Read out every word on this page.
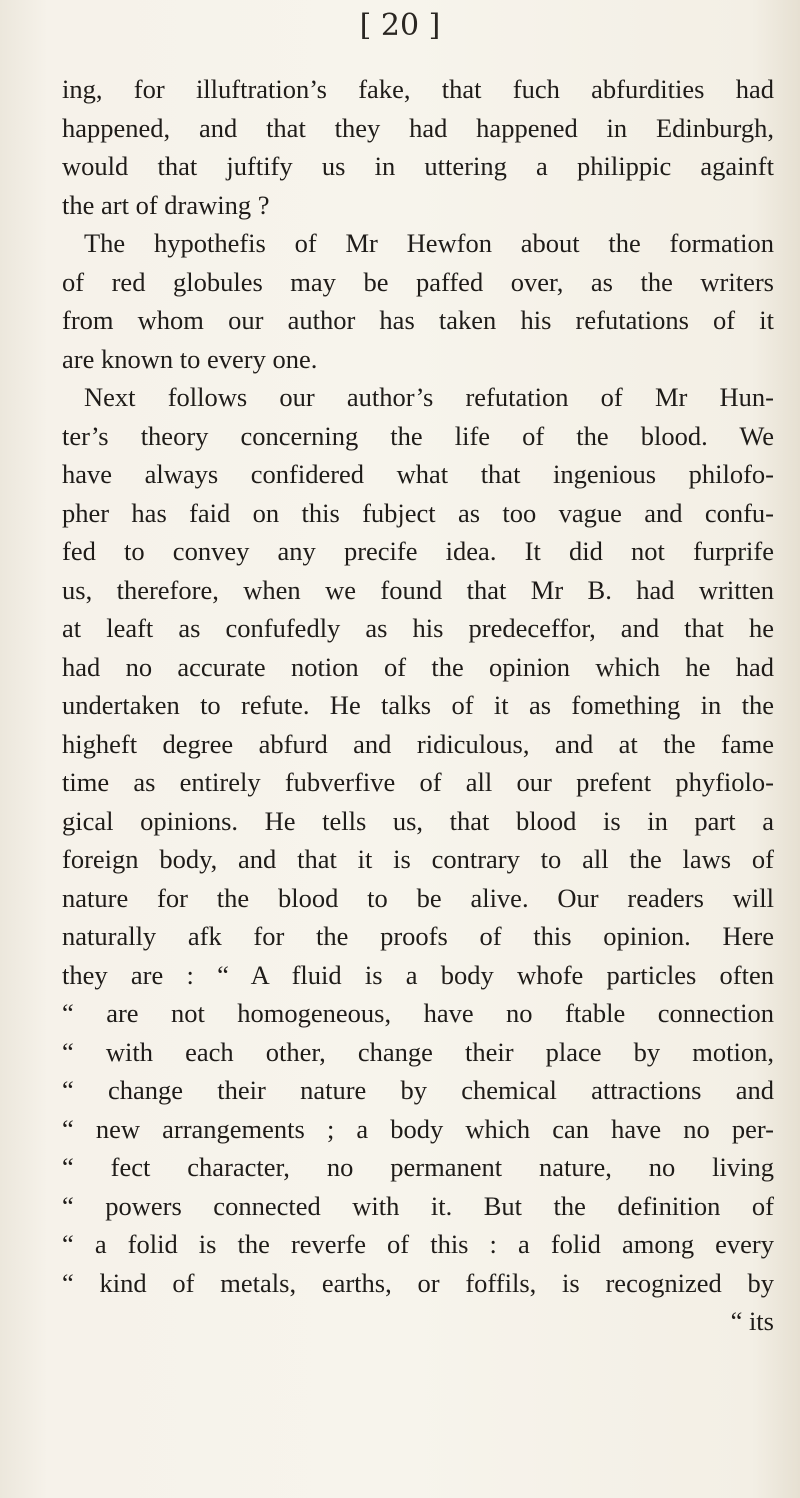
[ 20 ]
ing, for illuftration’s fake, that fuch abfurdities had
happened, and that they had happened in Edinburgh,
would that juftify us in uttering a philippic againft
the art of drawing ?
The hypothefis of Mr Hewfon about the formation
of red globules may be paffed over, as the writers
from whom our author has taken his refutations of it
are known to every one.
Next follows our author’s refutation of Mr Hun-
ter’s theory concerning the life of the blood. We
have always confidered what that ingenious philofo-
pher has faid on this fubject as too vague and confu-
fed to convey any precife idea. It did not furprife
us, therefore, when we found that Mr B. had written
at leaft as confufedly as his predeceffor, and that he
had no accurate notion of the opinion which he had
undertaken to refute. He talks of it as fomething in the
higheft degree abfurd and ridiculous, and at the fame
time as entirely fubverfive of all our prefent phyfiolo-
gical opinions. He tells us, that blood is in part a
foreign body, and that it is contrary to all the laws of
nature for the blood to be alive. Our readers will
naturally afk for the proofs of this opinion. Here
they are : “ A fluid is a body whofe particles often
“ are not homogeneous, have no ftable connection
“ with each other, change their place by motion,
“ change their nature by chemical attractions and
“ new arrangements ; a body which can have no per-
“ fect character, no permanent nature, no living
“ powers connected with it. But the definition of
“ a folid is the reverfe of this : a folid among every
“ kind of metals, earths, or foffils, is recognized by
“ its
